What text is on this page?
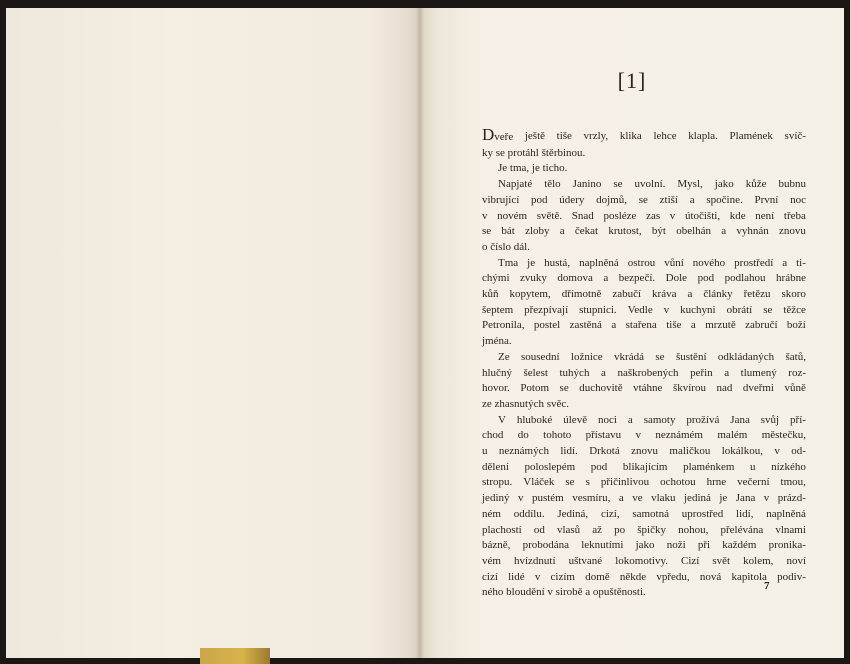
[1]
Dveře ještě tiše vrzly, klika lehce klapla. Plamének svíč-
ky se protáhl štěrbinou.
Je tma, je ticho.
Napjaté tělo Janino se uvolní. Mysl, jako kůže bubnu
vibrující pod údery dojmů, se ztiší a spočine. První noc
v novém světě. Snad posléze zas v útočišti, kde není třeba
se bát zloby a čekat krutost, být obelhán a vyhnán znovu
o číslo dál.
Tma je hustá, naplněná ostrou vůní nového prostředí a ti-
chými zvuky domova a bezpečí. Dole pod podlahou hrábne
kůň kopytem, dřímotně zabučí kráva a články řetězu skoro
šeptem přezpívají stupnici. Vedle v kuchyni obrátí se těžce
Petronila, postel zastěná a stařena tiše a mrzutě zabručí boží
jména.
Ze sousední ložnice vkrádá se šustění odkládaných šatů,
hlučný šelest tuhých a naškrobených peřin a tlumený roz-
hovor. Potom se duchovitě vtáhne škvírou nad dveřmi vůně
ze zhasnutých svěc.
V hluboké úlevě noci a samoty prožívá Jana svůj pří-
chod do tohoto přístavu v neznámém malém městečku,
u neznámých lidí. Drkotá znovu maličkou lokálkou, v od-
dělení poloslepém pod blikajícím plaménkem u nízkého
stropu. Vláček se s přičinlivou ochotou hrne večerní tmou,
jediný v pustém vesmíru, a ve vlaku jediná je Jana v prázd-
ném oddílu. Jediná, cizí, samotná uprostřed lidí, naplněná
plachostí od vlasů až po špičky nohou, přelévána vlnami
bázně, probodána leknutími jako noži při každém pronika-
vém hvízdnutí uštvané lokomotivy. Cizí svět kolem, noví
cizí lidé v cizím domě někde vpředu, nová kapitola podiv-
ného bloudění v sirobě a opuštěnosti.
7
